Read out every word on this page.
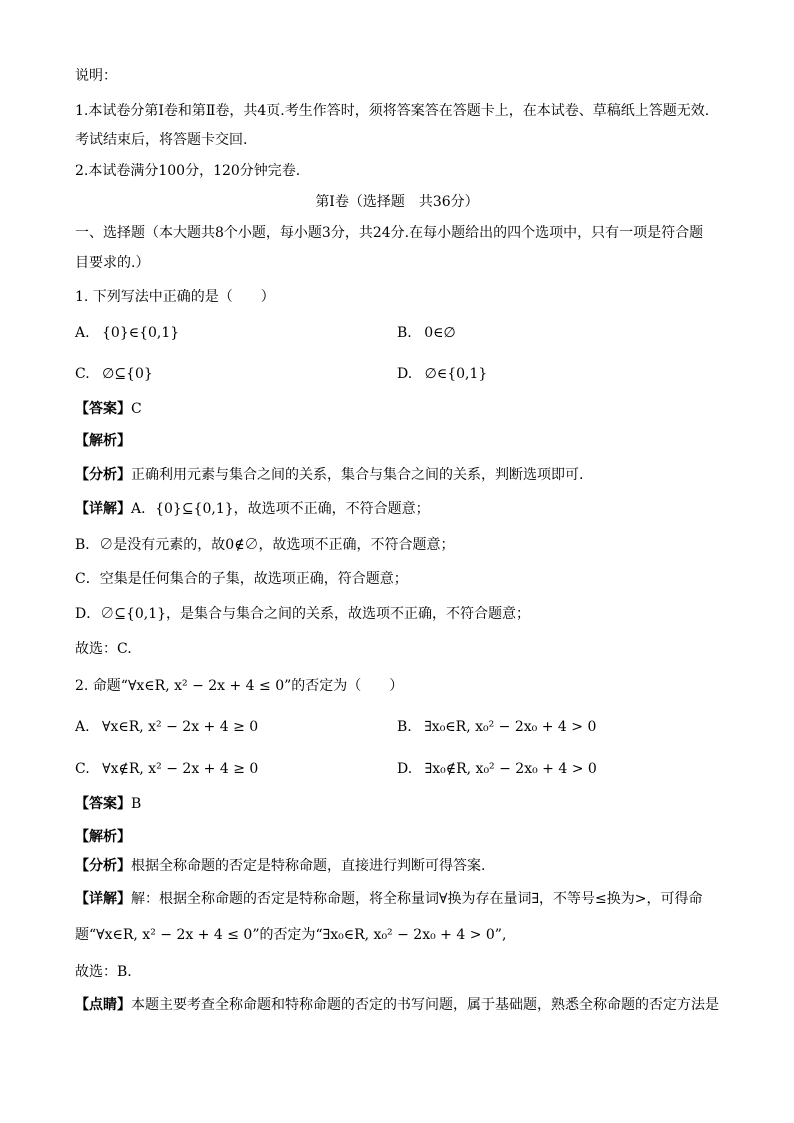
说明：
1.本试卷分第Ⅰ卷和第Ⅱ卷，共4页.考生作答时，须将答案答在答题卡上，在本试卷、草稿纸上答题无效.
考试结束后，将答题卡交回.
2.本试卷满分100分，120分钟完卷.
第Ⅰ卷（选择题　共36分）
一、选择题（本大题共8个小题，每小题3分，共24分.在每小题给出的四个选项中，只有一项是符合题
目要求的.）
1. 下列写法中正确的是（　　）
A. {0}∈{0,1}	B. 0∈∅
C. ∅⊆{0}	D. ∅∈{0,1}
【答案】C
【解析】
【分析】正确利用元素与集合之间的关系，集合与集合之间的关系，判断选项即可.
【详解】A．{0}⊆{0,1}，故选项不正确，不符合题意；
B．∅是没有元素的，故0∉∅，故选项不正确，不符合题意；
C．空集是任何集合的子集，故选项正确，符合题意；
D．∅⊆{0,1}，是集合与集合之间的关系，故选项不正确，不符合题意；
故选：C.
2. 命题“∀x∈R, x² − 2x + 4 ≤ 0”的否定为（　　）
A. ∀x∈R, x² − 2x + 4 ≥ 0	B. ∃x₀∈R, x₀² − 2x₀ + 4 > 0
C. ∀x∉R, x² − 2x + 4 ≥ 0	D. ∃x₀∉R, x₀² − 2x₀ + 4 > 0
【答案】B
【解析】
【分析】根据全称命题的否定是特称命题，直接进行判断可得答案.
【详解】解：根据全称命题的否定是特称命题，将全称量词∀换为存在量词∃，不等号≤换为>，可得命
题“∀x∈R, x² − 2x + 4 ≤ 0”的否定为“∃x₀∈R, x₀² − 2x₀ + 4 > 0”,
故选：B.
【点睛】本题主要考查全称命题和特称命题的否定的书写问题，属于基础题，熟悉全称命题的否定方法是
